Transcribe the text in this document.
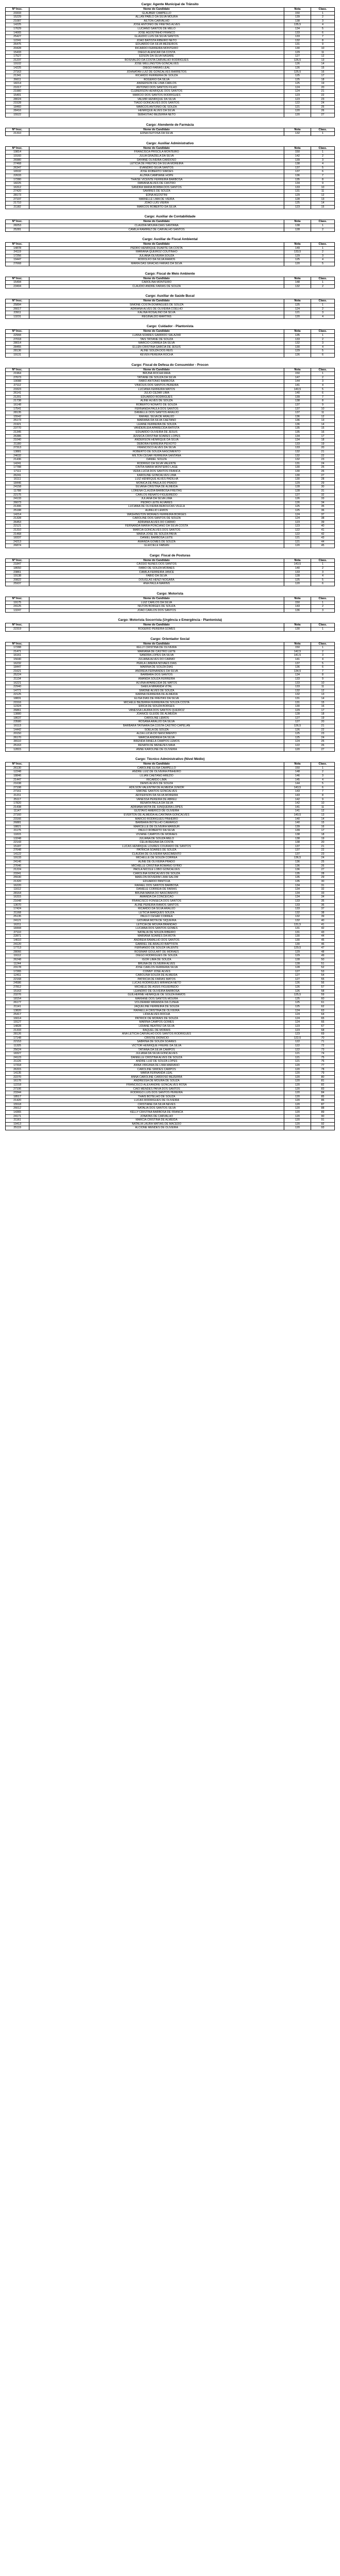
Cargo: Agente Municipal de Trânsito
Nº Insc.	Nome do Candidato	Nota	Class.
23333	GLAUBER CAMPELLO	150	1
15229	ALLAN PABLO DA SILVA MOURA	139	2
21087	AILTON CARVALHO	138	3
14225	JOSE ANTONIO DE FREITAS ALVES	135,5	4
17629	LUCIANO SANTOS DE MELO	134	5
14665	JOSE AGOSTINHO FRANCO	133	6
25427	GLAUDIO LUIS DA SILVA SANTOS	133	7
12241	JOAO BATISTA RIBEIRO NETO	132	8
26475	EDUARDO DA SILVA MEDEIROS	131	9
20428	RICARDO FERREIRA MONTEIRO	130	10
15433	DIEGO ALENCAR DA COSTA	129	11
17527	EDSON DA SILVA NASARE	127	12
21237	ROSIVALDO DA COSTA CARVALHO RODRIGUES	126,5	13
19102	JOSE WELLINGTON GONCALVES	126	14
14225	DIEGO FARIAS LEAL	126	15
27163	JOHNATAN LUIZ DE GONCALVES BARRETOS	125,5	16
21341	RICARDO FERREIRA DE SOUZA	125	17
26611	ROGERIO DA SILVA	125	18
18214	ANDERSON DE LIMA CARLOS	125	19
21017	ANTONIO DOS SANTOS FILHO	124	20
21980	CLEBERSON HENRIQUE DOS SANTOS	124	21
15401	MARCIO DOS SANTOS RODRIGUES	123	22
28024	VALMIR HENRIQUE DA SILVA	123	23
21528	TIAGO GONCALVES DOS SANTOS	122	24
18460	MARCOS ANTONIO DE SOUZA	121	25
28416	HENRIQUE ALVES DA SILVA	120	26
15522	SEBASTIAO BEZERRA NETO	120	27
Cargo: Atendente de Farmácia
Nº Insc.	Nome do Candidato	Nota	Class.
21310	EDNA FEITOSA DA SILVA	132	1
Cargo: Auxiliar Administrativo
Nº Insc.	Nome do Candidato	Nota	Class.
19814	FRANCISCA PRISCILA MONTEIRO	150	1
19160	JULIA GRAZIELA DA SILVA	142	2
26980	DAYANE OLIVEIRA CARDOSO	139	3
27468	LETICIA DE FREITAS DA SILVA MOREIRA	138	4
26347	EVANDRO SILVA SANTOS	137	5
16532	JOSE ROBERTO SIMOES	137	6
22633	ALZIRA CAMPIANE HOPE	136	7
17280	THAISE VICENTE FERREIRA BARBOSA	135	8
18225	FABIANA ALVES DE CASTRO	134	9
16312	SANDRA MARIA BORBA DOS SANTOS	133	10
27420	SAMIRES DE SOUZA	131	11
28173	EDNA AGOSTINI	129	12
27197	MARIELLE LIMA DE VIEIRA	128	13
21710	JOAO LUIS VIEIRA	125	14
21182	MARCOS ROBERTO DA SILVA	123	15
Cargo: Auxiliar de Contabilidade
Nº Insc.	Nome do Candidato	Nota	Class.
28253	CLAUDIA MOURA DIAS SANTANA	138	1
25281	CAMILA RAMIREZ DE CARVALHO SANTOS	128	2
Cargo: Auxiliar de Fiscal Ambiental
Nº Insc.	Nome do Candidato	Nota	Class.
14878	PEDRO HENRIQUE DUARTE DA COSTA	149	1
24119	MARIANA QUEIROZ COUTINHO	133,5	2
17256	JULIANA OLIVEIRA SOUZA	129	3
19447	RODOLFO DA SILVA RAMOS	125	4
27668	MARIA DAS GRACAS FARIAS DA SILVA	120	5
Cargo: Fiscal de Meio Ambiente
Nº Insc.	Nome do Candidato	Nota	Class.
15494	CAROLINA MONTEIRO	148	1
23404	CLAUDIO ANDRE FARIAS DE SOUZA	132	2
Cargo: Auxiliar de Saúde Bucal
Nº Insc.	Nome do Candidato	Nota	Class.
25894	SIMONE COSTA DOMINGUES DE SOUZA	125	1
26617	ADRIANA ALVES DE OLIVEIRA COELHO	124	2
23911	KALINA ROSALINO DA SILVA	121	3
13231	REGINALDO MARTINS	120	4
Cargo: Cuidador - Plantonista
Nº Insc.	Nome do Candidato	Nota	Class.
22944	LUANA SOARES GARRIDO SALAZAR	135	1
27018	TAIS TATIANE DE SOUZA	133	2
28014	MARCIO CORREA DA SILVA	132	3
28455	ELLEN CRISTINA GARCIA DE JESUS	130	4
28136	ALINE SOUZA DOS REIS	129	5
19131	KEVEN PEREIRA ROCHA	126	6
Cargo: Fiscal de Defesa do Consumidor - Procon
Nº Insc.	Nome do Candidato	Nota	Class.
21964	BRUNA ROCHA MAIA	150	1
27673	TATIANE DE SOUZA DA SILVA	147	2
19088	FABIO ANTONIO BARBOSA	144	3
27112	VINICIUS DOS SANTOS PEREIRA	141	4
23323	LUCIANA FERREIRA MATOS	140,5	5
26141	JULIO CEZAR LIMA	140	6
21201	EDUARDO RODRIGUES	139	7
21738	ALINE ALVES DE SOUZA	138	8
16148	ROBERTO NONATO DE SOUZA	137	9
17541	FERNANDA PAULA DOS SANTOS	137	10
28135	DANIELLE DOS SANTOS ARAUJO	137	11
15542	RAFAEL SILVA DE ARAUJO	136	12
25173	MARIANA DA SILVA CAETANO	136	13
21921	LEIANE FERREIRA DE SOUZA	136	14
23770	VANDERLEIA APARECIDA BATISTA	135	15
21345	EDUARDO OLIVEIRA DE JESUS	135	16
26386	JESSICA CRISTINA SOARES LOPES	134	17
21040	ANDERSON HENRIQUE DA SILVA	134	18
21180	DEBORA FERREIRA PEIXOTO	133	19
27313	FRANCISCO ALVES DA SILVA	133	20
13881	ROBERTO DE SOUZA NASCIMENTO	132	21
24632	MILTON CESAR FERREIRA SANTANA	132	22
21436	DANIEL SOUZA	132	23
14241	RODRIGO DA SILVA VALENTE	131	24
17788	CINTIA MARIA MONTEIRO LAGE	130	25
17111	VERA LUCIA DOS SANTOS FRANCA	130	26
26241	KAROLINE GONCALVES LIMA	130	27
16111	LUIZ HENRIQUE ALVES PADILHA	130	28
18446	MONICA DE PAULA DO PRADO	129	29
24158	SILVANA CRISTINA DE ALMEIDA	128	30
11788	LORENA CLAUDIA BARBOSA FREITAS	128	31
22175	CARLOS RENATO FIGUEIREDO	127	32
24133	JULIANA DA SILVA LIMA	126	33
26673	PEDRO LEITE ALVARES	126	34
21306	LUCIANA DE OLIVEIRA REBOUCAS VILELA	125	35
25188	AURELIO LEMOS	125	36
14214	WASHINGTON MORAES FERREIRA BORGES	124	37
21328	CAROLINE DOS SANTOS DE SOUZA	124	38
26453	ADRIANA ALVES DO CARMO	123	39
22121	FERNANDA MARIA PONCIANO DA SILVA COSTA	123	40
21310	MARCIA GONCALVES DOS SANTOS	122	41
21468	MARIA JOSE DE SOUZA PAIVA	122	42
18337	DANIEL BARBOSA LEITE	121	43
24213	AMANDA GOMES DE SOUZA	121	44
26874	GLEICIELE FABIAN	120	45
Cargo: Fiscal de Posturas
Nº Insc.	Nome do Candidato	Nota	Class.
21847	CASSIO NUNES DOS SANTOS	143,5	1
18650	FABIO DE SOUZA MORAES	140	2
23861	CAMILA FERREIRA JANCE	133	3
19138	FABIO DA SILVA	128	4
20822	DOUGLAS HENZI NOGARA	125	5
25937	ANA PAULA MARINS	120	6
Cargo: Motorista
Nº Insc.	Nome do Candidato	Nota	Class.
19175	LUIZ CARLOS DA SILVA	150	1
24125	NILTON BORGES DE SOUZA	143	2
13247	JOAO CARLOS DOS SANTOS	136	3
Cargo: Motorista Socorrista (Urgência e Emergência - Plantonista)
Nº Insc.	Nome do Candidato	Nota	Class.
22319	ROGERIO PEREIRA GOMES	130	1
Cargo: Orientador Social
Nº Insc.	Nome do Candidato	Nota	Class.
17288	KELLY CRISTINA DE OLIVEIRA	150	1
21471	MARIANA DE CASTRO LEITE	142,5	2
16161	SANDRA LOPES DA SILVA	141,5	3
15640	JULIANA ALVES DO CARMO	141	4
16232	PERLA LIMEIRA NOVAES DIAS	137	5
18447	MARINA DE SOUZA DIAS	136	6
21621	ANDREIA FERNANDES DA SILVA	134,5	7
25224	BARBARA DOS SANTOS	134	8
21134	AMANDA SOUZA FERREIRA	133	9
16221	ALVINA APARECIDA DE MATOS	133	10
22940	SHEILA MIRANDA VITAL	133	11
14771	SIMONE ALVES DE SOUZA	132	12
22125	KARINA FERREIRA DE ALMEIDA	132	13
18831	ELISA DIAS DE FREITAS DA SILVA	131	14
21516	MICHELE BEZERRA FERREIRA DE SOUZA COSTA	131	15
12324	ERICA DE SOUZA BORGES	130	16
26861	VANESSA LAURIA DOS SANTOS QUEIROZ	129	17
13880	JOANICE GLEIDE DE ALMEIDA	128	18
18637	CAROLINE LEMOS	127	19
23580	ROSANA ARAUJO DA SILVA	127	20
16113	BARBARA TAYNARA DA COSTA CASTRO CAPELAN	126,5	21
14442	SOELA DE SOUZA	126	22
20150	ALDA LUCIA DO NASCIMENTO	125	23
26170	MARCIA ANDREIA DA SILVA	125	24
28110	BRENDA FANELA CAMPOS LEMOS	124	25
25163	RENATA DE MENEZES MAIA	122	26
12815	ANNE KAROLINE DE OLIVEIRA	120	27
Cargo: Técnico Administrativo (Nível Médio)
Nº Insc.	Nome do Candidato	Nota	Class.
26130	CAROLINE ELISA CAMPELLO	150	1
12248	ANDRE LUIZ DE OLIVEIRA PINHEIRO	148	2
18846	LILIAN CAETANO AREZIO	146	3
21447	RICARDO LIMA	145	4
21638	DENIS ALVES DE SOUZA	144	5
27198	ADILSON VALENTIM DE ALMEIDA JUNIOR	143,5	6
27161	SIMONE SANTOS GONCALVES	143	7
21211	JEFFERSON DA SILVA MOREIRA	143	8
25117	VANESSA PEREIRA DE ABREU	142	9
17820	RENATA PAULA DA SILVA	142	10
21438	ADRIANA MOTA DE JUNQUEIRA LOPES	141	11
11147	GUSTAVO AMERICO DE OLIVEIRA	141	12
27160	EVERTON DE ALMEIDA ALCANTARA GONCALVES	140,5	13
23166	MARCIO RODRIGUES PINHEIRO	140	14
26881	BARBARA BOTELHO CAMARGO	140	15
18821	MARCELLE DE OLIVEIRA MANSUR	139	16
21175	PAULO ROBERTO DA SILVA	139	17
11815	VIVIANE CAMPOS DE MORAES	138	18
13248	JULIANA DE SOUZA MELO	138	19
22143	CELIA REGINA DA COSTA	138	20
15187	LUCAS HENRIQUE LOURES COURADO DE SANTOS	137	21
27648	PATRICIA SOARES DE SOUZA	137	22
14122	CLAUDIA DE OLIVEIRA NASCIMENTO	137	23
19133	MICHELLE DE SOUZA CORREA	136,5	24
24146	ALINE DE OLIVEIRA PRADO	136	25
27646	MICHELLE CRISTINA ROMANO SYRIO	136	26
21224	PAOLA NICOLE LOBO GONCALVES	136	27
23341	CAROLINA GONCALVES DE SOUZA	135	28
25530	MARLON ROVERIM LIMA SALOM	135	29
21320	EDUARDO PANTOJA	135	30
16220	RAFAEL DOS SANTOS BARBOSA	134	31
11612	DANIELE CORREIA DE FARIAS	134	32
28164	BRUNA MARIA DO NASCIMENTO	134	33
16315	AMANDA DA CONCEICAO	134	34
21648	FRANCISCO FONSECA DOS SANTOS	133	35
13670	ALINE PEREIRA RAMOS SANTOS	133	36
17424	RICARDO DA SILVA ARAUJO	133	37
21168	LETICIA MARQUES SOUZA	132	38
25135	PAULO CESAR CORREA	132	39
24121	GIOVANA MOTA DE SIQUEIRA	132	40
16211	LETICIA DE MOURA BRANDAO	131,5	41
18444	LUCIANA DOS SANTOS GOMES	131	42
27110	NATALIA DE SOUZA RIBEIRO	131	43
22871	MARIANA SOARES DA MOTA	130	44
14610	ANDREIA RAMALHO DOS SANTOS	130	45
24120	GABRIEL DE ARAUJO BAPTISTA	130	46
17713	FERNANDO DE SOUZA VALENTE	129,5	47
28066	ROSIMAR GOULART DE MORAES	129	48
19112	DIEGO RODRIGUES DE SOUZA	129	49
26248	IGOR LIMA DE SOUZA	128	50
11244	BRUNA DE OLIVEIRA ALVES	128	51
23178	JOSE CARLOS FERREIRA SILVA	128	52
17265	CONNY JOSE ALVES	127	53
12411	CAROLINA SOUZA DE ALMEIDA	127	54
22168	PATRICIA DE FARIAS MATOS	127	55
24586	LUCAS RODRIGUES MIRANDA NETO	126	56
27812	MICHELE DE ASSIS FIGUEIREDO	126	57
15163	LEANDRO DE OLIVEIRA BARBOSA	126	58
23276	GUILHERME HENRIQUE DE SOUZA RAMOS	125,5	59
18154	MARIANE DOS SANTOS MOURA	125	60
26177	VOLDEMAR MIRANDA DA CUNHA	125	61
21141	JAQUELINE FERREIRA DE SOUZA	125	62
13820	RAFAELLA CRISTINA DE OLIVEIRA	124	63
25417	LIDIA ALVES ROCHA	124	64
16614	PATRICK DE MORAIS DE SOUZA	124	65
19127	MARINA CAMPOS GOMES	124	66
14828	LIDIANE BEATRIZ DA SILVA	123	67
21333	RAQUEL DE MORAIS	123	68
28126	ANA LETICIA CARVALHO DOS SANTOS RODRIGUES	123	69
17148	CRISTIE DIONICIO	122,5	70
22153	SABRINA DE SOUZA SOARES	122	71
11325	VICTOR HENRIQUE FREIRE DA SILVA	122	72
25624	TATIANA DA SILVA CAMPOS	122	73
18327	JULIANA DA SILVA GONCALVES	121	74
24123	DANIELLE CRISTINA ALVES DE SOUZA	121	75
21126	ANDRE LUIZ DE SOUZA LOPES	121	76
17318	ANNA VIRGINIA DE LIMA MARIANO	120	77
26315	CAROLINE SIMOES CAMPOS	120	78
14135	MARIA FERNANDA LEAL	120	79
22270	ANNA CAROLINE CARDOSO BEZERRA	120	80
16176	ANDRESSA DE MOURA DE SOUZA	120	81
12218	FRANCISCO ALEXANDRE GONCALVES ROSA	120	82
27106	CAIO MENDES PAIVA DOS SANTOS	120	83
23344	RODRIGO LUIS DOS SANTOS PEREIRA	120	84
18517	THAIS BOTELHO DE SOUZA	120	85
21420	LUCAS RODRIGUES DE OLIVEIRA	120	86
15518	CRISTIANE DA SILVA NEVES	120	87
26612	NATALIA DOS SANTOS SILVA	120	88
14365	KELLY CRISTINA BARBOSA DE FRANCA	120	89
24171	JONATAS DE CARVALHO	120	90
21161	MARCIA CRISTINA DE ALMEIDA	120	91
19413	NATALIA LAURA MATIAS DE MACEDO	120	92
25119	ALCIONE MENDES DE OLIVEIRA	120	93
